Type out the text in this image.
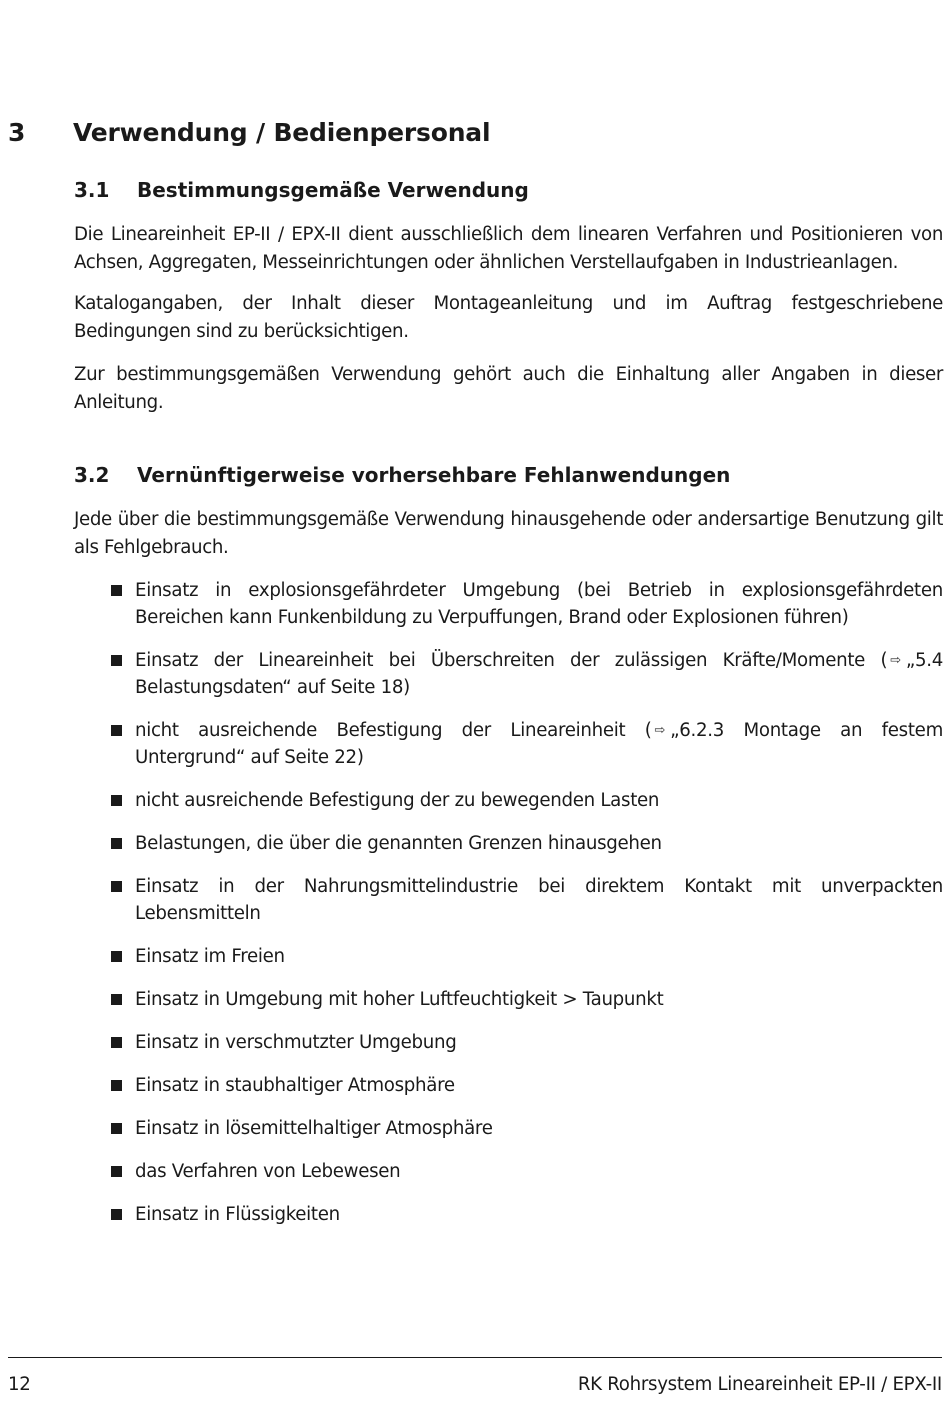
3 Verwendung / Bedienpersonal
3.1 Bestimmungsgemäße Verwendung

Die Lineareinheit EP-II / EPX-II dient ausschließlich dem linearen Verfahren und Positionieren von Achsen, Aggregaten, Messeinrichtungen oder ähnlichen Verstellaufgaben in Industrieanlagen.

Katalogangaben, der Inhalt dieser Montageanleitung und im Auftrag festgeschriebene Bedingungen sind zu berücksichtigen.

Zur bestimmungsgemäßen Verwendung gehört auch die Einhaltung aller Angaben in dieser Anleitung.

3.2 Vernünftigerweise vorhersehbare Fehlanwendungen

Jede über die bestimmungsgemäße Verwendung hinausgehende oder andersartige Benutzung gilt als Fehlgebrauch.

Einsatz in explosionsgefährdeter Umgebung (bei Betrieb in explosionsgefährdeten Bereichen kann Funkenbildung zu Verpuffungen, Brand oder Explosionen führen)
Einsatz der Lineareinheit bei Überschreiten der zulässigen Kräfte/Momente ( ⇨ „5.4 Belastungsdaten“ auf Seite 18)
nicht ausreichende Befestigung der Lineareinheit ( ⇨ „6.2.3 Montage an festem Untergrund“ auf Seite 22)
nicht ausreichende Befestigung der zu bewegenden Lasten
Belastungen, die über die genannten Grenzen hinausgehen
Einsatz in der Nahrungsmittelindustrie bei direktem Kontakt mit unverpackten Lebensmitteln
Einsatz im Freien
Einsatz in Umgebung mit hoher Luftfeuchtigkeit > Taupunkt
Einsatz in verschmutzter Umgebung
Einsatz in staubhaltiger Atmosphäre
Einsatz in lösemittelhaltiger Atmosphäre
das Verfahren von Lebewesen
Einsatz in Flüssigkeiten
12	RK Rohrsystem Lineareinheit EP-II / EPX-II
